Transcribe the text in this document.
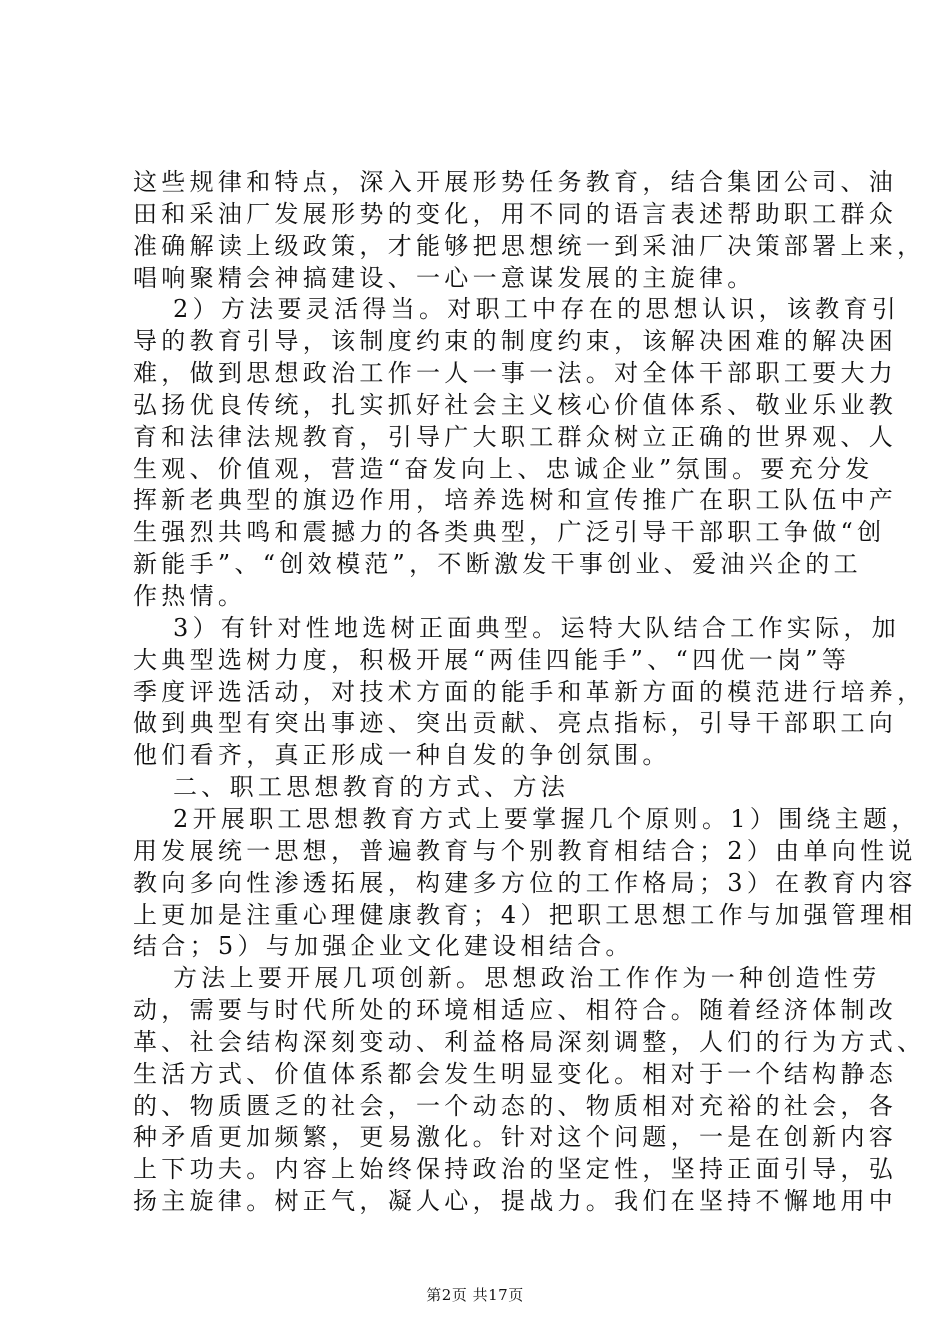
这些规律和特点，深入开展形势任务教育，结合集团公司、油
田和采油厂发展形势的变化，用不同的语言表述帮助职工群众
准确解读上级政策，才能够把思想统一到采油厂决策部署上来，
唱响聚精会神搞建设、一心一意谋发展的主旋律。
2）方法要灵活得当。对职工中存在的思想认识，该教育引
导的教育引导，该制度约束的制度约束，该解决困难的解决困
难，做到思想政治工作一人一事一法。对全体干部职工要大力
弘扬优良传统，扎实抓好社会主义核心价值体系、敬业乐业教
育和法律法规教育，引导广大职工群众树立正确的世界观、人
生观、价值观，营造“奋发向上、忠诚企业”氛围。要充分发
挥新老典型的旗辸作用，培养选树和宣传推广在职工队伍中产
生强烈共鸣和震撼力的各类典型，广泛引导干部职工争做“创
新能手”、“创效模范”，不断激发干事创业、爱油兴企的工
作热情。
3）有针对性地选树正面典型。运特大队结合工作实际，加
大典型选树力度，积极开展“两佳四能手”、“四优一岗”等
季度评选活动，对技术方面的能手和革新方面的模范进行培养，
做到典型有突出事迹、突出贡献、亮点指标，引导干部职工向
他们看齐，真正形成一种自发的争创氛围。
二、职工思想教育的方式、方法
2开展职工思想教育方式上要掌握几个原则。1）围绕主题，
用发展统一思想，普遍教育与个别教育相结合；2）由单向性说
教向多向性渗透拓展，构建多方位的工作格局；3）在教育内容
上更加是注重心理健康教育；4）把职工思想工作与加强管理相
结合；5）与加强企业文化建设相结合。
方法上要开展几项创新。思想政治工作作为一种创造性劳
动，需要与时代所处的环境相适应、相符合。随着经济体制改
革、社会结构深刻变动、利益格局深刻调整，人们的行为方式、
生活方式、价值体系都会发生明显变化。相对于一个结构静态
的、物质匮乏的社会，一个动态的、物质相对充裕的社会，各
种矛盾更加频繁，更易激化。针对这个问题，一是在创新内容
上下功夫。内容上始终保持政治的坚定性，坚持正面引导，弘
扬主旋律。树正气，凝人心，提战力。我们在坚持不懈地用中
第2页 共17页
